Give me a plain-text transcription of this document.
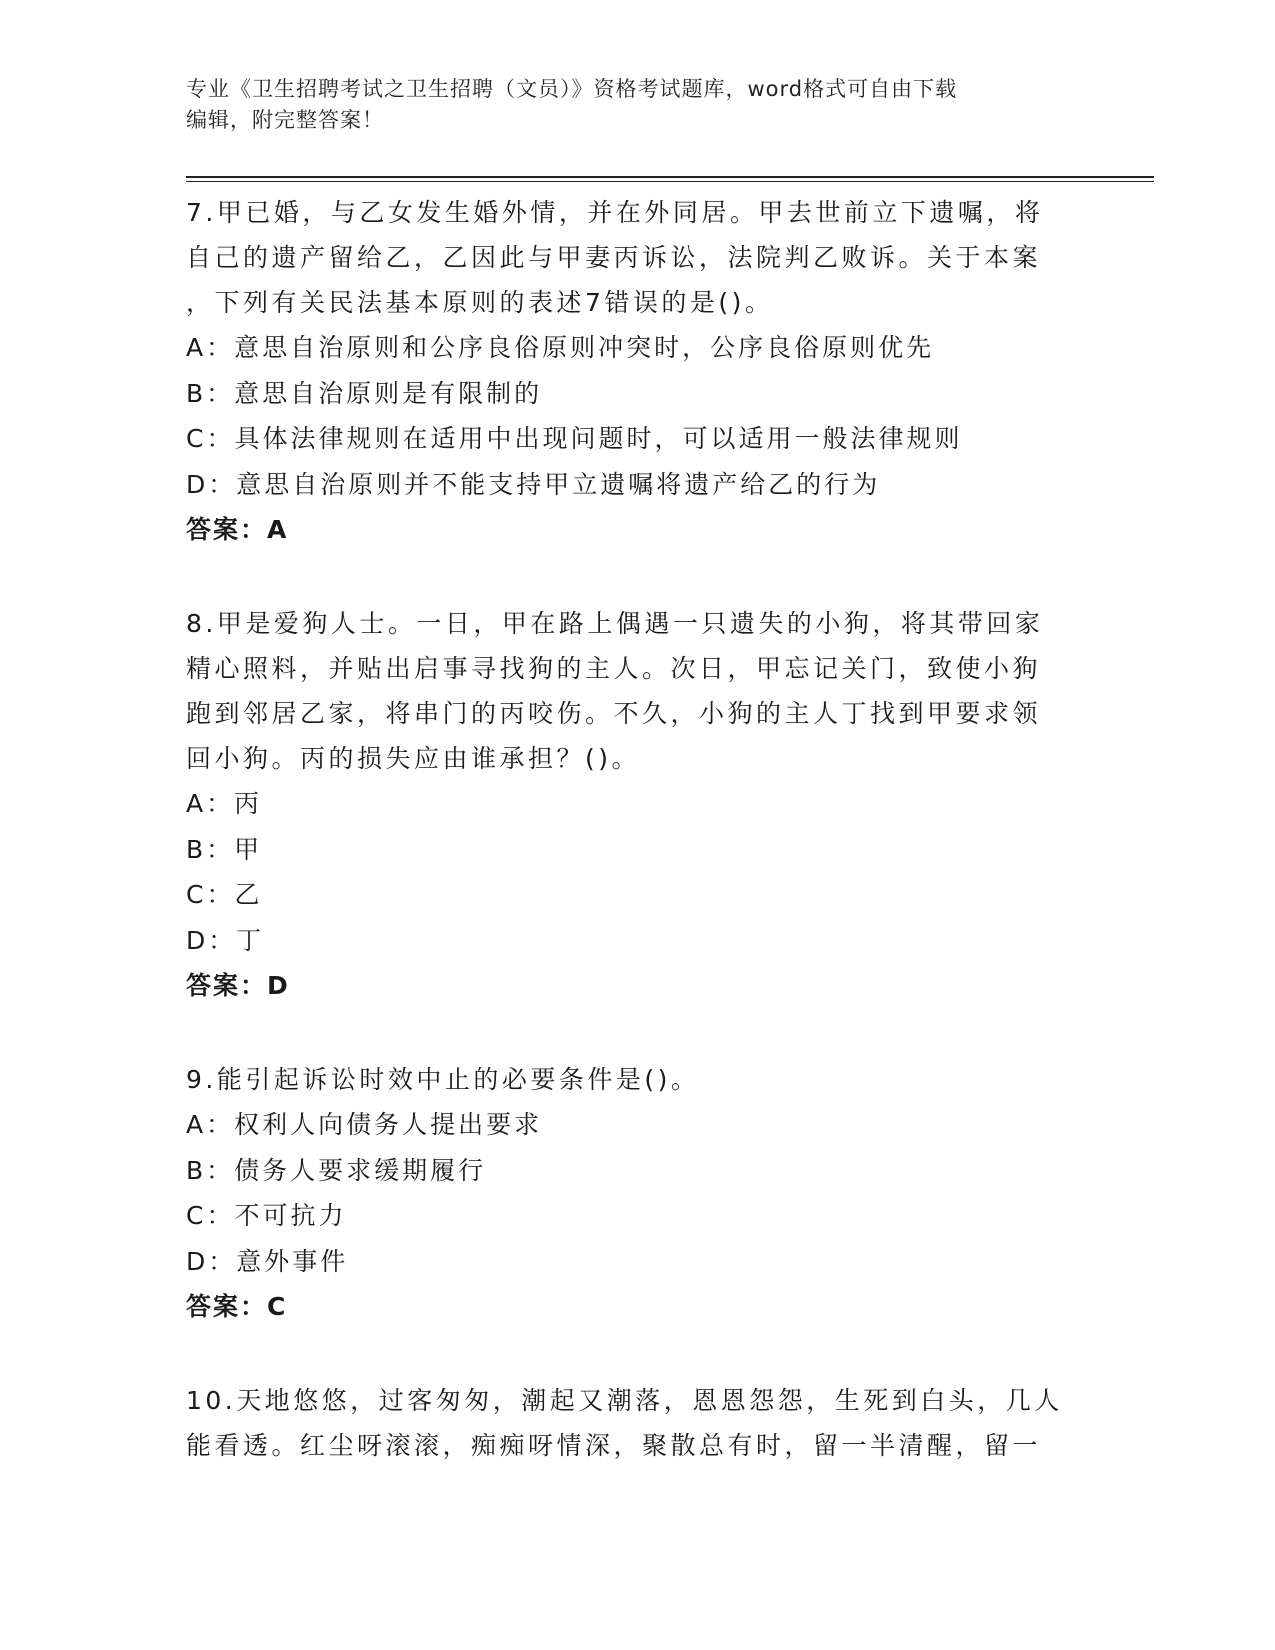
专业《卫生招聘考试之卫生招聘（文员）》资格考试题库，word格式可自由下载
编辑，附完整答案！
7.甲已婚，与乙女发生婚外情，并在外同居。甲去世前立下遗嘱，将
自己的遗产留给乙，乙因此与甲妻丙诉讼，法院判乙败诉。关于本案
，下列有关民法基本原则的表述7错误的是()。
A：意思自治原则和公序良俗原则冲突时，公序良俗原则优先
B：意思自治原则是有限制的
C：具体法律规则在适用中出现问题时，可以适用一般法律规则
D：意思自治原则并不能支持甲立遗嘱将遗产给乙的行为
答案：A
8.甲是爱狗人士。一日，甲在路上偶遇一只遗失的小狗，将其带回家
精心照料，并贴出启事寻找狗的主人。次日，甲忘记关门，致使小狗
跑到邻居乙家，将串门的丙咬伤。不久，小狗的主人丁找到甲要求领
回小狗。丙的损失应由谁承担？()。
A：丙
B：甲
C：乙
D：丁
答案：D
9.能引起诉讼时效中止的必要条件是()。
A：权利人向债务人提出要求
B：债务人要求缓期履行
C：不可抗力
D：意外事件
答案：C
10.天地悠悠，过客匆匆，潮起又潮落，恩恩怨怨，生死到白头，几人
能看透。红尘呀滚滚，痴痴呀情深，聚散总有时，留一半清醒，留一
